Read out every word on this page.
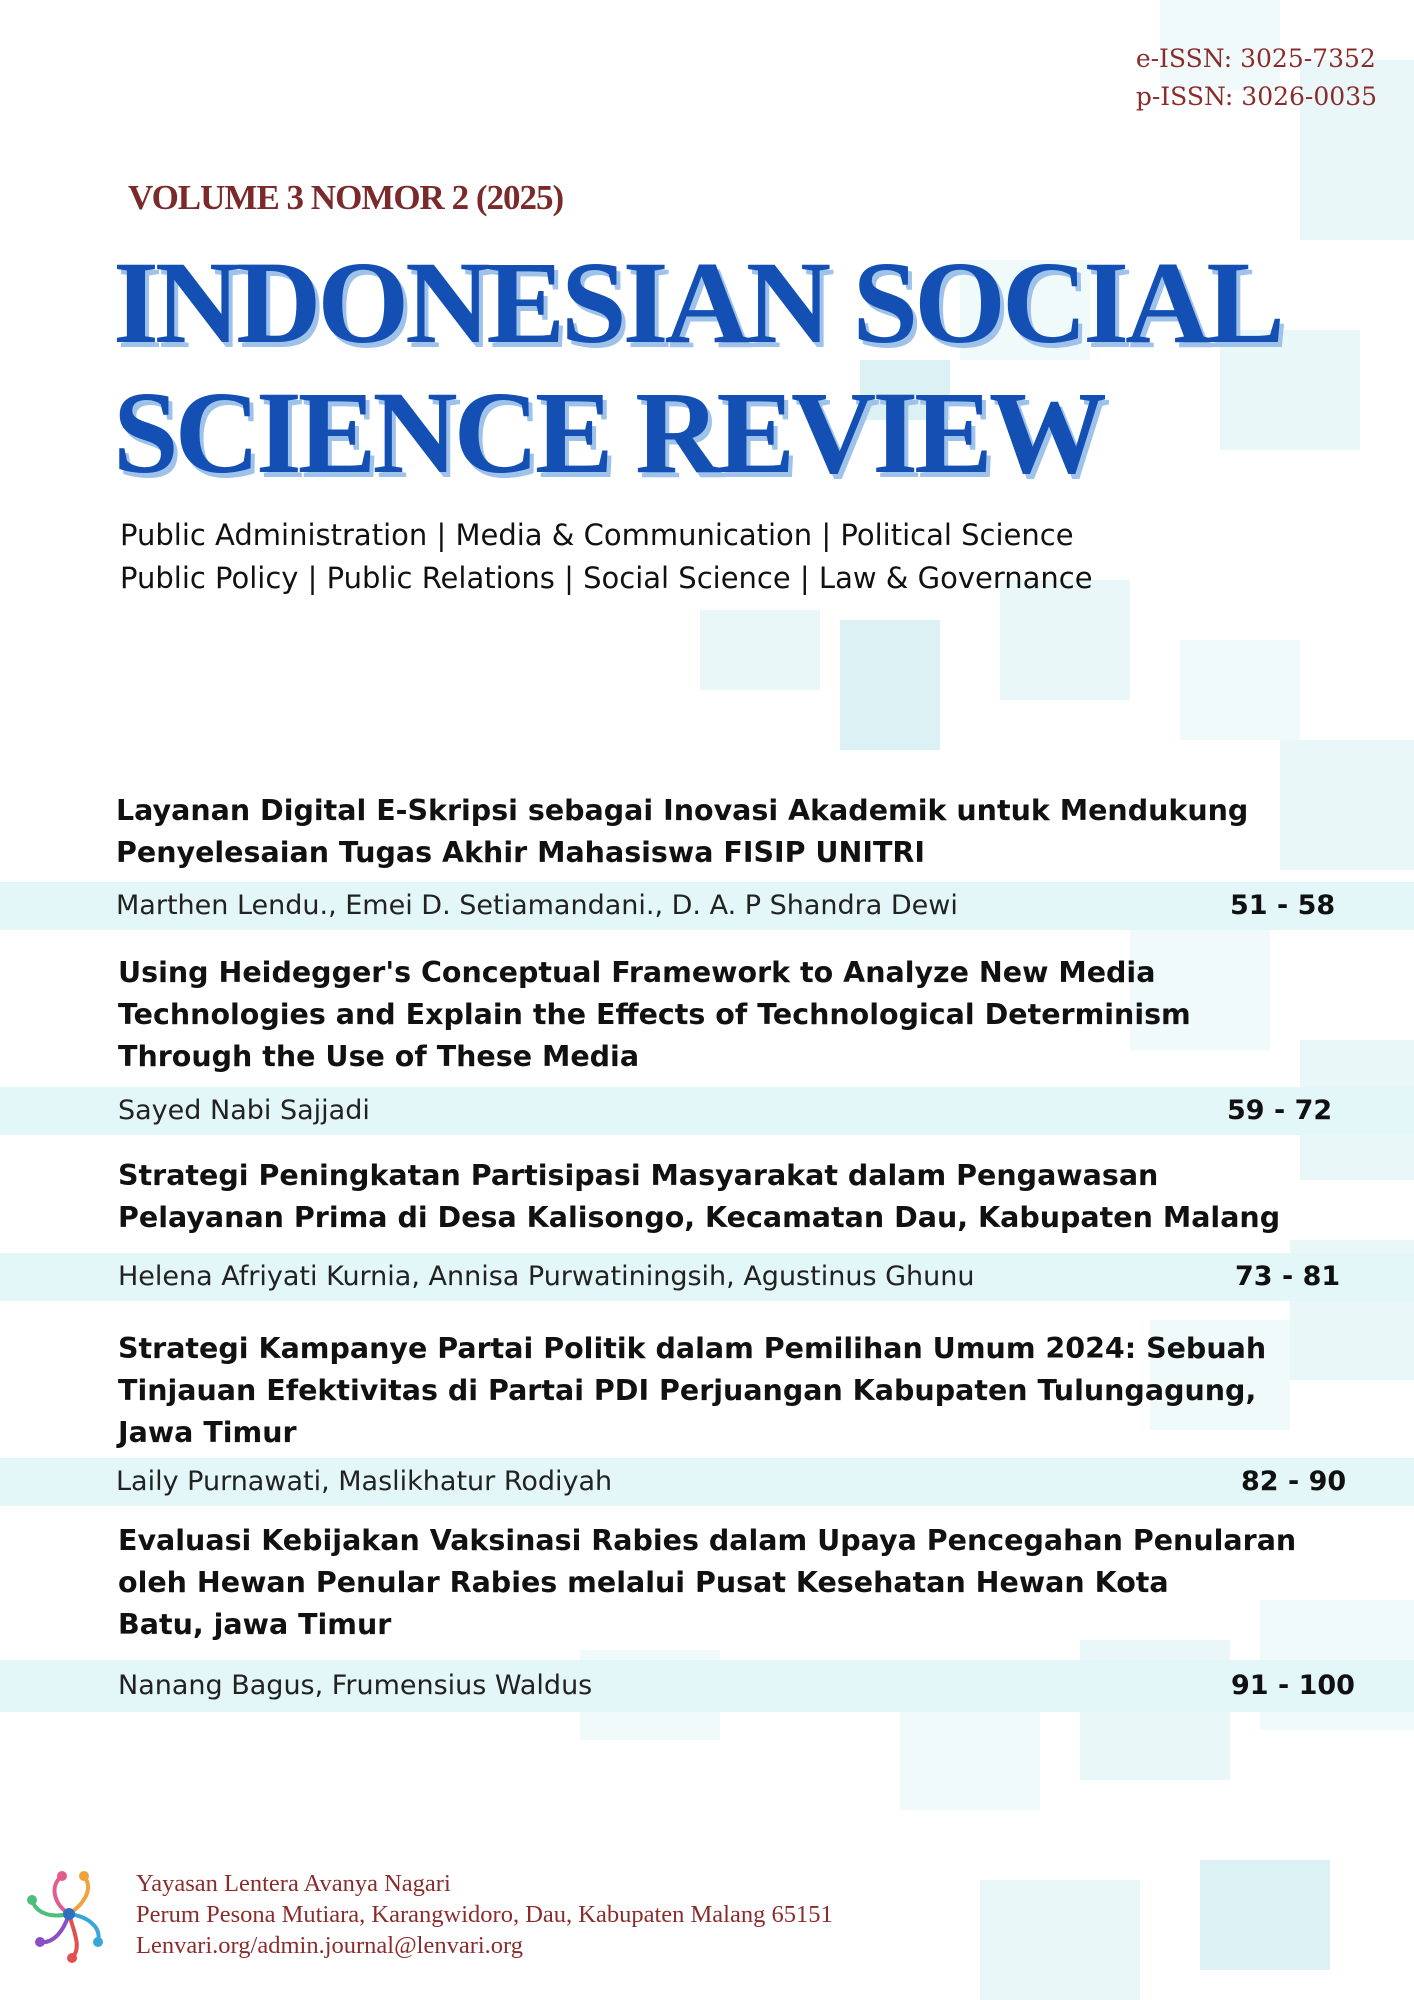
e-ISSN: 3025-7352
p-ISSN: 3026-0035
VOLUME 3 NOMOR 2 (2025)
INDONESIAN SOCIAL
SCIENCE REVIEW
Public Administration | Media & Communication | Political Science
Public Policy | Public Relations | Social Science | Law & Governance
Layanan Digital E-Skripsi sebagai Inovasi Akademik untuk Mendukung
Penyelesaian Tugas Akhir Mahasiswa FISIP UNITRI
Marthen Lendu., Emei D. Setiamandani., D. A. P Shandra Dewi	51 - 58
Using Heidegger's Conceptual Framework to Analyze New Media
Technologies and Explain the Effects of Technological Determinism
Through the Use of These Media
Sayed Nabi Sajjadi	59 - 72
Strategi Peningkatan Partisipasi Masyarakat dalam Pengawasan
Pelayanan Prima di Desa Kalisongo, Kecamatan Dau, Kabupaten Malang
Helena Afriyati Kurnia, Annisa Purwatiningsih, Agustinus Ghunu	73 - 81
Strategi Kampanye Partai Politik dalam Pemilihan Umum 2024: Sebuah
Tinjauan Efektivitas di Partai PDI Perjuangan Kabupaten Tulungagung,
Jawa Timur
Laily Purnawati, Maslikhatur Rodiyah	82 - 90
Evaluasi Kebijakan Vaksinasi Rabies dalam Upaya Pencegahan Penularan
oleh Hewan Penular Rabies melalui Pusat Kesehatan Hewan Kota
Batu, jawa Timur
Nanang Bagus, Frumensius Waldus	91 - 100
Yayasan Lentera Avanya Nagari
Perum Pesona Mutiara, Karangwidoro, Dau, Kabupaten Malang 65151
Lenvari.org/admin.journal@lenvari.org
